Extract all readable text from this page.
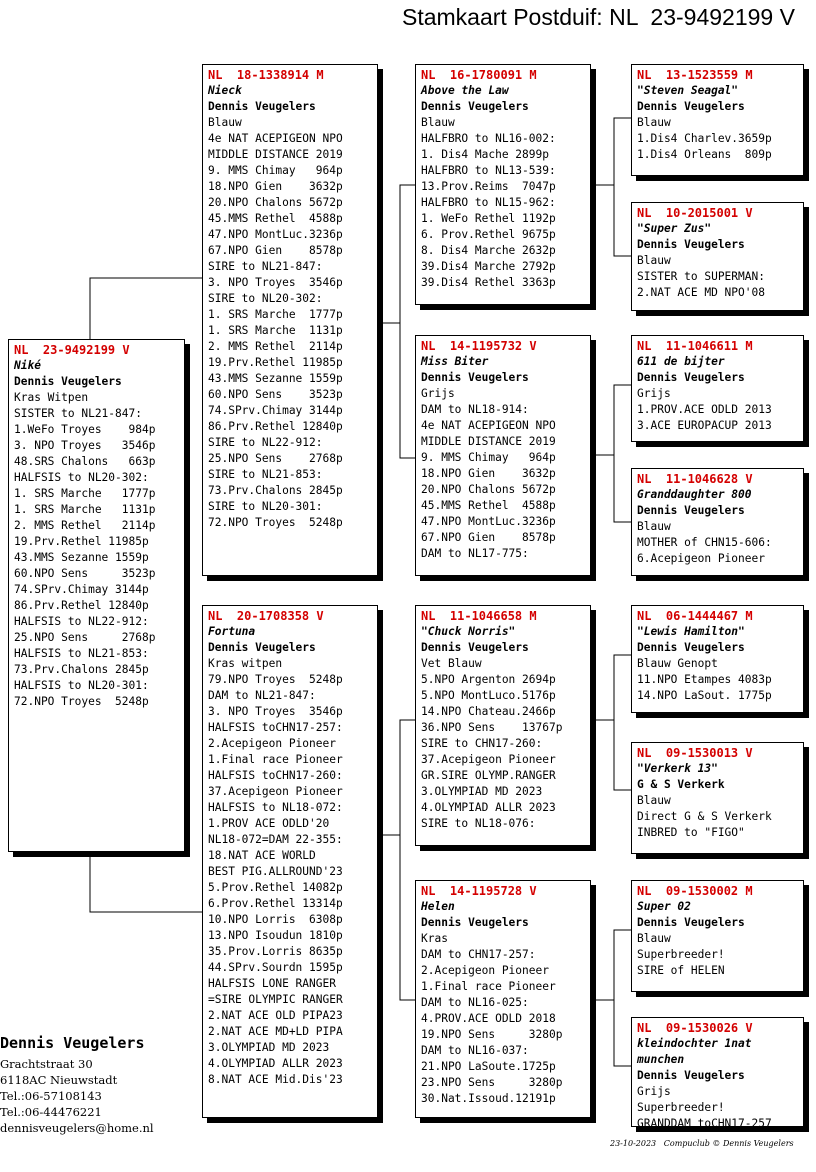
Stamkaart Postduif: NL  23-9492199 V
NL  23-9492199 V
Niké
Dennis Veugelers
Kras Witpen
SISTER to NL21-847:
1.WeFo Troyes    984p
3. NPO Troyes   3546p
48.SRS Chalons   663p
HALFSIS to NL20-302:
1. SRS Marche   1777p
1. SRS Marche   1131p
2. MMS Rethel   2114p
19.Prv.Rethel 11985p
43.MMS Sezanne 1559p
60.NPO Sens     3523p
74.SPrv.Chimay 3144p
86.Prv.Rethel 12840p
HALFSIS to NL22-912:
25.NPO Sens     2768p
HALFSIS to NL21-853:
73.Prv.Chalons 2845p
HALFSIS to NL20-301:
72.NPO Troyes  5248p
NL  18-1338914 M
Nieck
Dennis Veugelers
Blauw
4e NAT ACEPIGEON NPO
MIDDLE DISTANCE 2019
9. MMS Chimay   964p
18.NPO Gien    3632p
20.NPO Chalons 5672p
45.MMS Rethel  4588p
47.NPO MontLuc.3236p
67.NPO Gien    8578p
SIRE to NL21-847:
3. NPO Troyes  3546p
SIRE to NL20-302:
1. SRS Marche  1777p
1. SRS Marche  1131p
2. MMS Rethel  2114p
19.Prv.Rethel 11985p
43.MMS Sezanne 1559p
60.NPO Sens    3523p
74.SPrv.Chimay 3144p
86.Prv.Rethel 12840p
SIRE to NL22-912:
25.NPO Sens    2768p
SIRE to NL21-853:
73.Prv.Chalons 2845p
SIRE to NL20-301:
72.NPO Troyes  5248p
NL  20-1708358 V
Fortuna
Dennis Veugelers
Kras witpen
79.NPO Troyes  5248p
DAM to NL21-847:
3. NPO Troyes  3546p
HALFSIS toCHN17-257:
2.Acepigeon Pioneer
1.Final race Pioneer
HALFSIS toCHN17-260:
37.Acepigeon Pioneer
HALFSIS to NL18-072:
1.PROV ACE ODLD'20
NL18-072=DAM 22-355:
18.NAT ACE WORLD
BEST PIG.ALLROUND'23
5.Prov.Rethel 14082p
6.Prov.Rethel 13314p
10.NPO Lorris  6308p
13.NPO Isoudun 1810p
35.Prov.Lorris 8635p
44.SPrv.Sourdn 1595p
HALFSIS LONE RANGER
=SIRE OLYMPIC RANGER
2.NAT ACE OLD PIPA23
2.NAT ACE MD+LD PIPA
3.OLYMPIAD MD 2023
4.OLYMPIAD ALLR 2023
8.NAT ACE Mid.Dis'23
NL  16-1780091 M
Above the Law
Dennis Veugelers
Blauw
HALFBRO to NL16-002:
1. Dis4 Mache 2899p
HALFBRO to NL13-539:
13.Prov.Reims  7047p
HALFBRO to NL15-962:
1. WeFo Rethel 1192p
6. Prov.Rethel 9675p
8. Dis4 Marche 2632p
39.Dis4 Marche 2792p
39.Dis4 Rethel 3363p
NL  14-1195732 V
Miss Biter
Dennis Veugelers
Grijs
DAM to NL18-914:
4e NAT ACEPIGEON NPO
MIDDLE DISTANCE 2019
9. MMS Chimay   964p
18.NPO Gien    3632p
20.NPO Chalons 5672p
45.MMS Rethel  4588p
47.NPO MontLuc.3236p
67.NPO Gien    8578p
DAM to NL17-775:
NL  11-1046658 M
"Chuck Norris"
Dennis Veugelers
Vet Blauw
5.NPO Argenton 2694p
5.NPO MontLuco.5176p
14.NPO Chateau.2466p
36.NPO Sens    13767p
SIRE to CHN17-260:
37.Acepigeon Pioneer
GR.SIRE OLYMP.RANGER
3.OLYMPIAD MD 2023
4.OLYMPIAD ALLR 2023
SIRE to NL18-076:
NL  14-1195728 V
Helen
Dennis Veugelers
Kras
DAM to CHN17-257:
2.Acepigeon Pioneer
1.Final race Pioneer
DAM to NL16-025:
4.PROV.ACE ODLD 2018
19.NPO Sens     3280p
DAM to NL16-037:
21.NPO LaSoute.1725p
23.NPO Sens     3280p
30.Nat.Issoud.12191p
NL  13-1523559 M
"Steven Seagal"
Dennis Veugelers
Blauw
1.Dis4 Charlev.3659p
1.Dis4 Orleans  809p
NL  10-2015001 V
"Super Zus"
Dennis Veugelers
Blauw
SISTER to SUPERMAN:
2.NAT ACE MD NPO'08
NL  11-1046611 M
611 de bijter
Dennis Veugelers
Grijs
1.PROV.ACE ODLD 2013
3.ACE EUROPACUP 2013
NL  11-1046628 V
Granddaughter 800
Dennis Veugelers
Blauw
MOTHER of CHN15-606:
6.Acepigeon Pioneer
NL  06-1444467 M
"Lewis Hamilton"
Dennis Veugelers
Blauw Genopt
11.NPO Etampes 4083p
14.NPO LaSout. 1775p
NL  09-1530013 V
"Verkerk 13"
G & S Verkerk
Blauw
Direct G & S Verkerk
INBRED to "FIGO"
NL  09-1530002 M
Super 02
Dennis Veugelers
Blauw
Superbreeder!
SIRE of HELEN
NL  09-1530026 V
kleindochter 1nat munchen
Dennis Veugelers
Grijs
Superbreeder!
GRANDDAM toCHN17-257
Dennis Veugelers
Grachtstraat 30
6118AC Nieuwstadt
Tel.:06-57108143
Tel.:06-44476221
dennisveugelers@home.nl
23-10-2023   Compuclub © Dennis Veugelers
